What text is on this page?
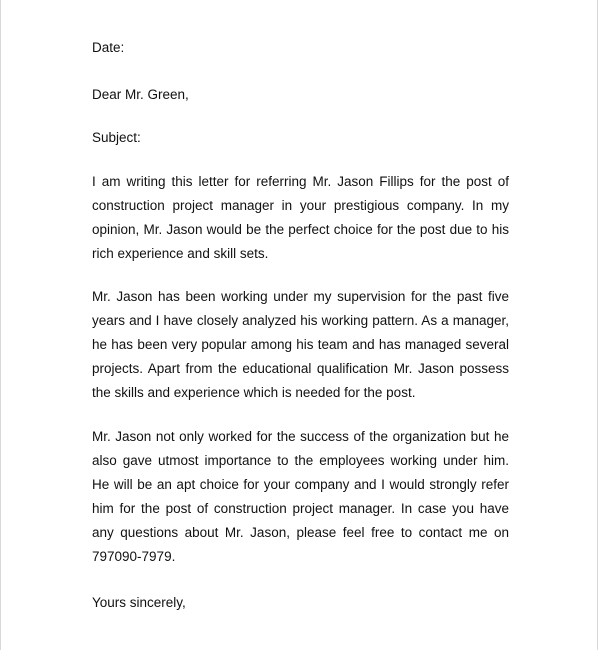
Date:
Dear Mr. Green,
Subject:

I am writing this letter for referring Mr. Jason Fillips for the post of construction project manager in your prestigious company. In my opinion, Mr. Jason would be the perfect choice for the post due to his rich experience and skill sets.

Mr. Jason has been working under my supervision for the past five years and I have closely analyzed his working pattern. As a manager, he has been very popular among his team and has managed several projects. Apart from the educational qualification Mr. Jason possess the skills and experience which is needed for the post.

Mr. Jason not only worked for the success of the organization but he also gave utmost importance to the employees working under him. He will be an apt choice for your company and I would strongly refer him for the post of construction project manager. In case you have any questions about Mr. Jason, please feel free to contact me on 797090-7979.

Yours sincerely,
